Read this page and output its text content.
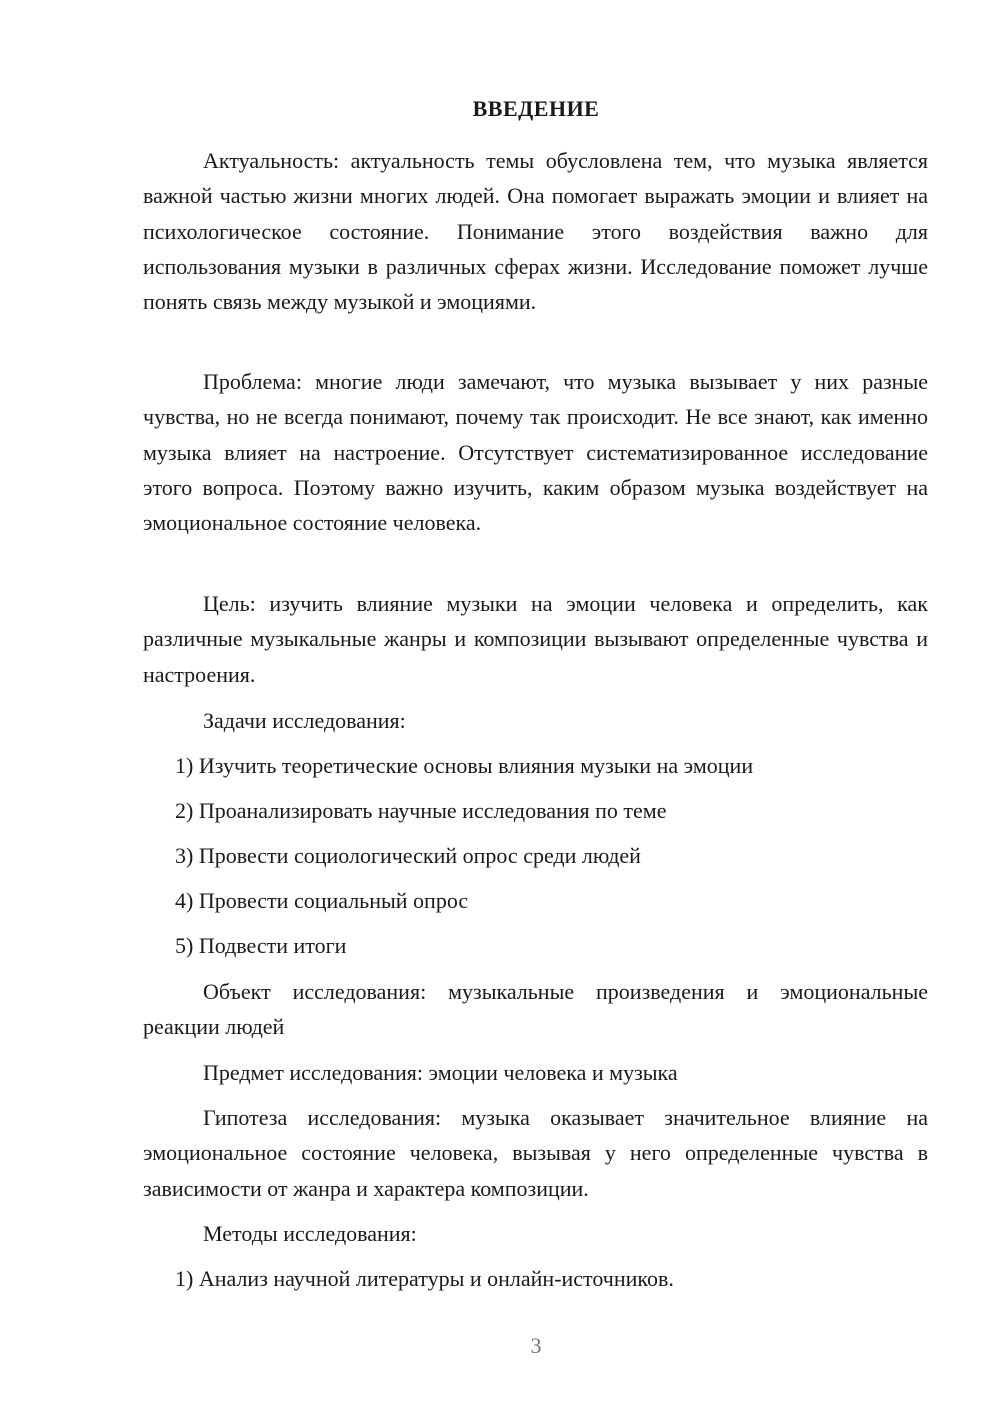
ВВЕДЕНИЕ
Актуальность: актуальность темы обусловлена тем, что музыка является важной частью жизни многих людей. Она помогает выражать эмоции и влияет на психологическое состояние. Понимание этого воздействия важно для использования музыки в различных сферах жизни. Исследование поможет лучше понять связь между музыкой и эмоциями.
Проблема: многие люди замечают, что музыка вызывает у них разные чувства, но не всегда понимают, почему так происходит. Не все знают, как именно музыка влияет на настроение. Отсутствует систематизированное исследование этого вопроса. Поэтому важно изучить, каким образом музыка воздействует на эмоциональное состояние человека.
Цель: изучить влияние музыки на эмоции человека и определить, как различные музыкальные жанры и композиции вызывают определенные чувства и настроения.
Задачи исследования:
1) Изучить теоретические основы влияния музыки на эмоции
2) Проанализировать научные исследования по теме
3) Провести социологический опрос среди людей
4) Провести социальный опрос
5) Подвести итоги
Объект исследования: музыкальные произведения и эмоциональные реакции людей
Предмет исследования: эмоции человека и музыка
Гипотеза исследования: музыка оказывает значительное влияние на эмоциональное состояние человека, вызывая у него определенные чувства в зависимости от жанра и характера композиции.
Методы исследования:
1) Анализ научной литературы и онлайн-источников.
3
